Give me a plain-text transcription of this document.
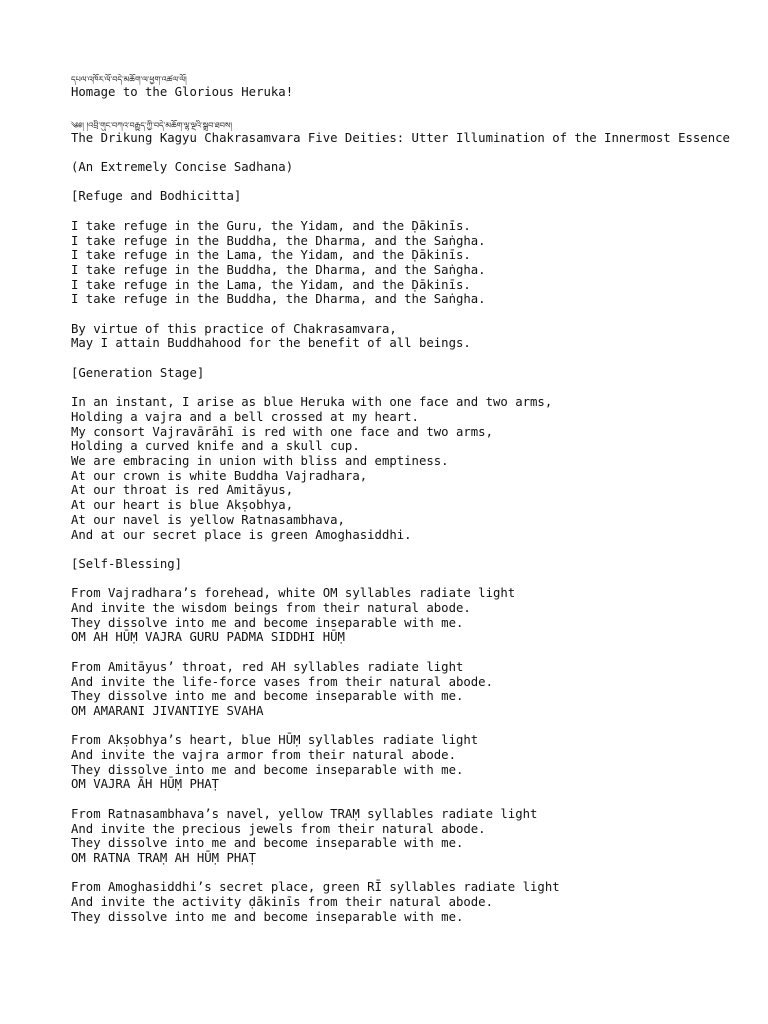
དཔལ་འཁོར་ལོ་བདེ་མཆོག་ལ་ཕྱག་འཚལ་ལོ།
Homage to the Glorious Heruka!
༄༅། །འབྲི་གུང་བཀའ་བརྒྱུད་ཀྱི་བདེ་མཆོག་ལྷ་ལྔའི་སྒྲུབ་ཐབས།
The Drikung Kagyu Chakrasamvara Five Deities: Utter Illumination of the Innermost Essence
(An Extremely Concise Sadhana)
[Refuge and Bodhicitta]
I take refuge in the Guru, the Yidam, and the Ḍākinīs.
I take refuge in the Buddha, the Dharma, and the Saṅgha.
I take refuge in the Lama, the Yidam, and the Ḍākinīs.
I take refuge in the Buddha, the Dharma, and the Saṅgha.
I take refuge in the Lama, the Yidam, and the Ḍākinīs.
I take refuge in the Buddha, the Dharma, and the Saṅgha.
By virtue of this practice of Chakrasamvara,
May I attain Buddhahood for the benefit of all beings.
[Generation Stage]
In an instant, I arise as blue Heruka with one face and two arms,
Holding a vajra and a bell crossed at my heart.
My consort Vajravārāhī is red with one face and two arms,
Holding a curved knife and a skull cup.
We are embracing in union with bliss and emptiness.
At our crown is white Buddha Vajradhara,
At our throat is red Amitāyus,
At our heart is blue Akṣobhya,
At our navel is yellow Ratnasambhava,
And at our secret place is green Amoghasiddhi.
[Self-Blessing]
From Vajradhara’s forehead, white OM syllables radiate light
And invite the wisdom beings from their natural abode.
They dissolve into me and become inseparable with me.
OM AH HŪṂ VAJRA GURU PADMA SIDDHI HŪṂ
From Amitāyus’ throat, red AH syllables radiate light
And invite the life-force vases from their natural abode.
They dissolve into me and become inseparable with me.
OM AMARANI JIVANTIYE SVAHA
From Akṣobhya’s heart, blue HŪṂ syllables radiate light
And invite the vajra armor from their natural abode.
They dissolve into me and become inseparable with me.
OM VAJRA ĀH HŪṂ PHAṬ
From Ratnasambhava’s navel, yellow TRAṂ syllables radiate light
And invite the precious jewels from their natural abode.
They dissolve into me and become inseparable with me.
OM RATNA TRAṂ AH HŪṂ PHAṬ
From Amoghasiddhi’s secret place, green RĪ syllables radiate light
And invite the activity ḍākinīs from their natural abode.
They dissolve into me and become inseparable with me.
